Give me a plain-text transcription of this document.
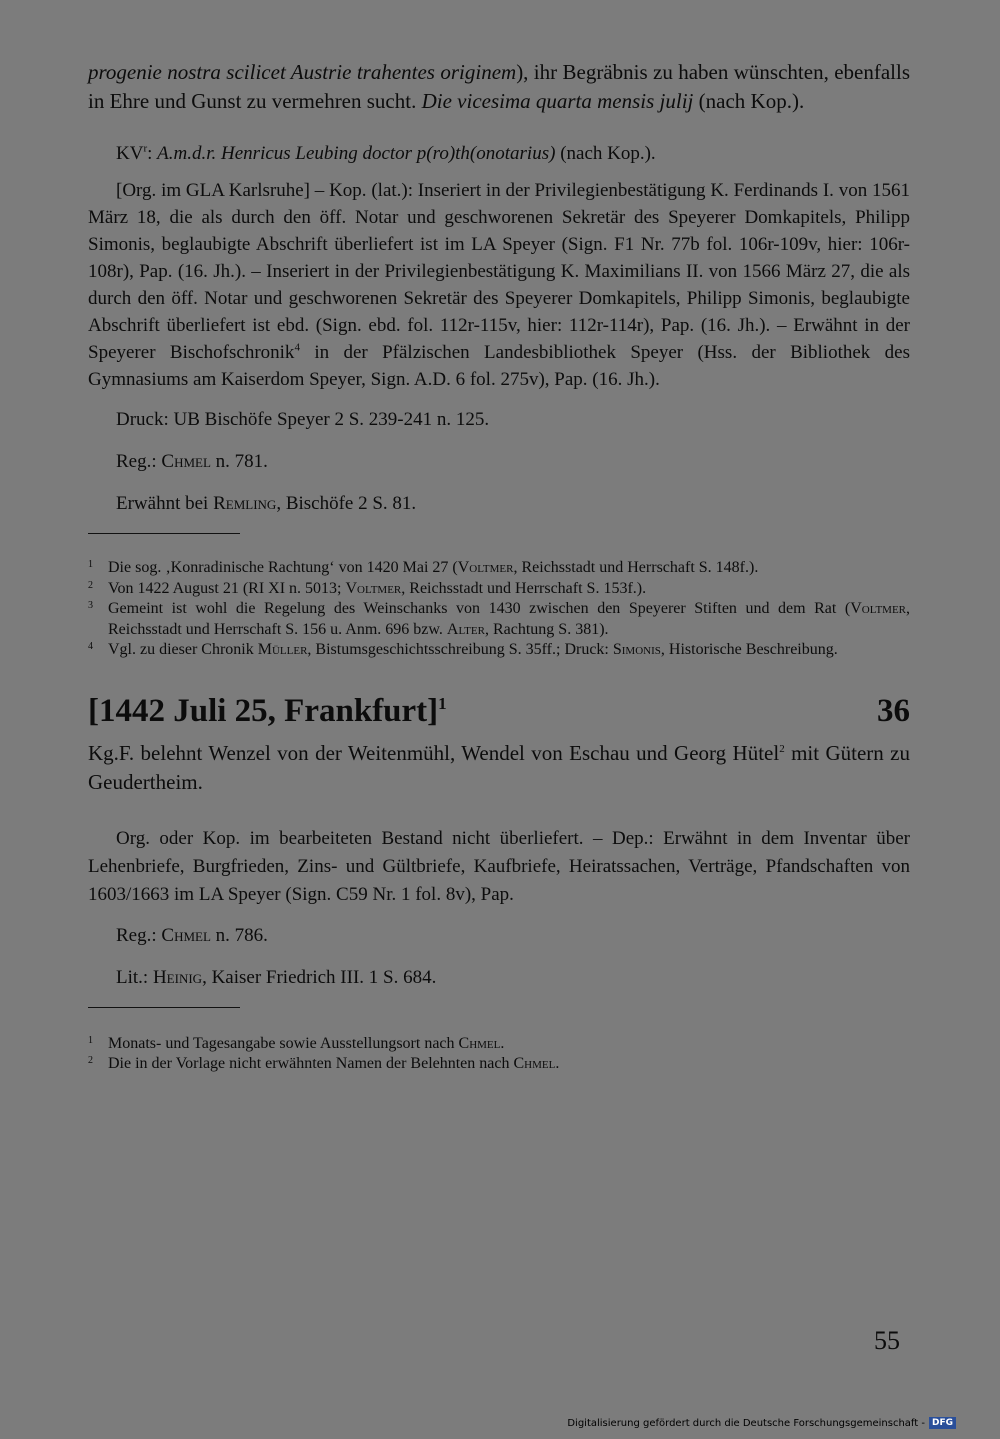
progenie nostra scilicet Austrie trahentes originem), ihr Begräbnis zu haben wünschten, ebenfalls in Ehre und Gunst zu vermehren sucht. Die vicesima quarta mensis julij (nach Kop.).

$KV^r$: A.m.d.r. Henricus Leubing doctor p(ro)th(onotarius) (nach Kop.).

[Org. im GLA Karlsruhe] – Kop. (lat.): Inseriert in der Privilegienbestätigung K. Ferdinands I. von 1561 März 18, die als durch den öff. Notar und geschworenen Sekretär des Speyerer Domkapitels, Philipp Simonis, beglaubigte Abschrift überliefert ist im LA Speyer (Sign. F1 Nr. 77b fol. 106r-109v, hier: 106r-108r), Pap. (16. Jh.). – Inseriert in der Privilegienbestätigung K. Maximilians II. von 1566 März 27, die als durch den öff. Notar und geschworenen Sekretär des Speyerer Domkapitels, Philipp Simonis, beglaubigte Abschrift überliefert ist ebd. (Sign. ebd. fol. 112r-115v, hier: 112r-114r), Pap. (16. Jh.). – Erwähnt in der Speyerer Bischofschronik$^4$ in der Pfälzischen Landesbibliothek Speyer (Hss. der Bibliothek des Gymnasiums am Kaiserdom Speyer, Sign. A.D. 6 fol. 275v), Pap. (16. Jh.).

Druck: UB Bischöfe Speyer 2 S. 239-241 n. 125.

Reg.: Chmel n. 781.

Erwähnt bei Remling, Bischöfe 2 S. 81.

1 Die sog. ‚Konradinische Rachtung‘ von 1420 Mai 27 (Voltmer, Reichsstadt und Herrschaft S. 148f.).

2 Von 1422 August 21 (RI XI n. 5013; Voltmer, Reichsstadt und Herrschaft S. 153f.).

3 Gemeint ist wohl die Regelung des Weinschanks von 1430 zwischen den Speyerer Stiften und dem Rat (Voltmer, Reichsstadt und Herrschaft S. 156 u. Anm. 696 bzw. Alter, Rachtung S. 381).

4 Vgl. zu dieser Chronik Müller, Bistumsgeschichtsschreibung S. 35ff.; Druck: Simonis, Historische Beschreibung.

[1442 Juli 25, Frankfurt]$^1$	36

Kg.F. belehnt Wenzel von der Weitenmühl, Wendel von Eschau und Georg Hütel$^2$ mit Gütern zu Geudertheim.

Org. oder Kop. im bearbeiteten Bestand nicht überliefert. – Dep.: Erwähnt in dem Inventar über Lehenbriefe, Burgfrieden, Zins- und Gültbriefe, Kaufbriefe, Heiratssachen, Verträge, Pfandschaften von 1603/1663 im LA Speyer (Sign. C59 Nr. 1 fol. 8v), Pap.

Reg.: Chmel n. 786.

Lit.: Heinig, Kaiser Friedrich III. 1 S. 684.

1 Monats- und Tagesangabe sowie Ausstellungsort nach Chmel.

2 Die in der Vorlage nicht erwähnten Namen der Belehnten nach Chmel.

55
Digitalisierung gefördert durch die Deutsche Forschungsgemeinschaft - DFG
